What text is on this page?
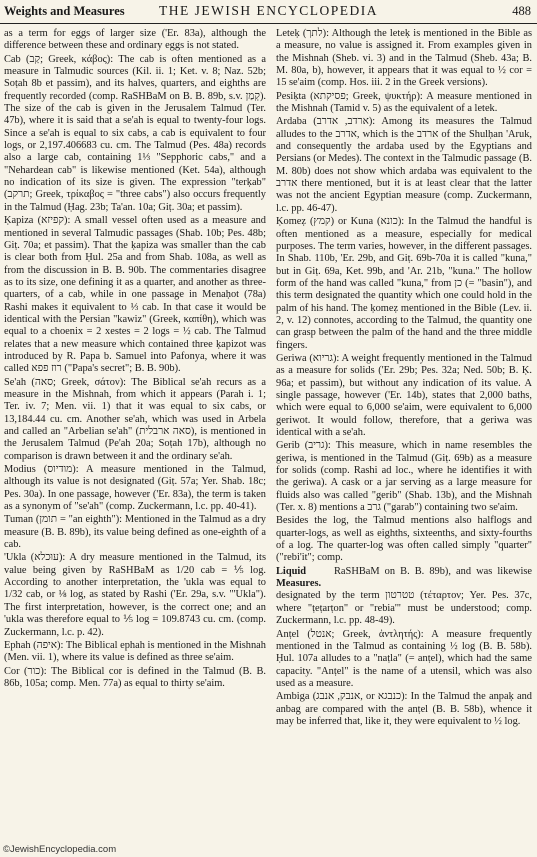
Weights and Measures	THE JEWISH ENCYCLOPEDIA	488

as a term for eggs of larger size ('Er. 83a), although the difference between these and ordinary eggs is not stated.

Cab (קַב; Greek, κάβος): The cab is often mentioned as a measure in Talmudic sources (Kil. ii. 1; Ket. v. 8; Naz. 52b; Soṭah 8b et passim), and its halves, quarters, and eighths are frequently recorded (comp. RaSHBaM on B. B. 89b, s.v. קְמַן). The size of the cab is given in the Jerusalem Talmud (Ter. 47b), where it is said that a se'ah is equal to twenty-four logs. Since a se'ah is equal to six cabs, a cab is equivalent to four logs, or 2,197.406683 cu. cm. The Talmud (Pes. 48a) records also a large cab, containing 1⅓ "Sepphoric cabs," and a "Nehardean cab" is likewise mentioned (Ket. 54a), although no indication of its size is given. The expression "terḳab" (תרקב; Greek, τρίκαβος = "three cabs") also occurs frequently in the Talmud (Ḥag. 23b; Ta'an. 10a; Giṭ. 30a; et passim).

Ḳapiza (קפיזא): A small vessel often used as a measure and mentioned in several Talmudic passages (Shab. 10b; Pes. 48b; Giṭ. 70a; et passim). That the ḳapiza was smaller than the cab is clear both from Ḥul. 25a and from Shab. 108a, as well as from the discussion in B. B. 90b. The commentaries disagree as to its size, one defining it as a quarter, and another as three-quarters, of a cab, while in one passage in Menaḥot (78a) Rashi makes it equivalent to ⅓ cab. In that case it would be identical with the Persian "kawiz" (Greek, καπίθη), which was equal to a choenix = 2 xestes = 2 logs = ½ cab. The Talmud relates that a new measure which contained three ḳapizot was introduced by R. Papa b. Samuel into Pafonya, where it was called רוז פפא ("Papa's secret"; B. B. 90b).

Se'ah (סאה; Greek, σάτον): The Biblical se'ah recurs as a measure in the Mishnah, from which it appears (Parah i. 1; Ter. iv. 7; Men. vii. 1) that it was equal to six cabs, or 13,184.44 cu. cm. Another se'ah, which was used in Arbela and called an "Arbelian se'ah" (סאה ארבלית), is mentioned in the Jerusalem Talmud (Pe'ah 20a; Soṭah 17b), although no comparison is drawn between it and the ordinary se'ah.

Modius (מודיוס): A measure mentioned in the Talmud, although its value is not designated (Giṭ. 57a; Yer. Shab. 18c; Pes. 30a). In one passage, however ('Er. 83a), the term is taken as a synonym of "se'ah" (comp. Zuckermann, l.c. pp. 40-41).

Tuman (תומן = "an eighth"): Mentioned in the Talmud as a dry measure (B. B. 89b), its value being defined as one-eighth of a cab.

'Ukla (עוּכלא): A dry measure mentioned in the Talmud, its value being given by RaSHBaM as 1/20 cab = ⅕ log. According to another interpretation, the 'ukla was equal to 1/32 cab, or ⅛ log, as stated by Rashi ('Er. 29a, s.v. "'Ukla"). The first interpretation, however, is the correct one; and an 'ukla was therefore equal to ⅕ log = 109.8743 cu. cm. (comp. Zuckermann, l.c. p. 42).

Ephah (איפה): The Biblical ephah is mentioned in the Mishnah (Men. vii. 1), where its value is defined as three se'aim.

Cor (כור): The Biblical cor is defined in the Talmud (B. B. 86b, 105a; comp. Men. 77a) as equal to thirty se'aim.

Leteḳ (לתך): Although the leteḳ is mentioned in the Bible as a measure, no value is assigned it. From examples given in the Mishnah (Sheb. vi. 3) and in the Talmud (Sheb. 43a; B. M. 80a, b), however, it appears that it was equal to ½ cor = 15 se'aim (comp. Hos. iii. 2 in the Greek versions).

Pesiḳta (פסיקתא; Greek, ψυκτήρ): A measure mentioned in the Mishnah (Tamid v. 5) as the equivalent of a letek.

Ardaba (ארדב, אדרב): Among its measures the Talmud alludes to the אדרב, which is the ארדב of the Shulḥan 'Aruk, and consequently the ardaba used by the Egyptians and Persians (or Medes). The context in the Talmudic passage (B. M. 80b) does not show which ardaba was equivalent to the אדרב there mentioned, but it is at least clear that the latter was not the ancient Egyptian measure (comp. Zuckermann, l.c. pp. 46-47).

Ḳomeẓ (קמץ) or Kuna (כונא): In the Talmud the handful is often mentioned as a measure, especially for medical purposes. The term varies, however, in the different passages. In Shab. 110b, 'Er. 29b, and Giṭ. 69b-70a it is called "kuna," but in Giṭ. 69a, Ket. 99b, and 'Ar. 21b, "kuna." The hollow form of the hand was called "kuna," from כן (= "basin"), and this term designated the quantity which one could hold in the palm of his hand. The ḳomeẓ mentioned in the Bible (Lev. ii. 2, v. 12) connotes, according to the Talmud, the quantity one can grasp between the palm of the hand and the three middle fingers.

Geriwa (גריוא): A weight frequently mentioned in the Talmud as a measure for solids ('Er. 29b; Pes. 32a; Ned. 50b; B. Ḳ. 96a; et passim), but without any indication of its value. A single passage, however ('Er. 14b), states that 2,000 baths, which were equal to 6,000 se'aim, were equivalent to 6,000 geriwot. It would follow, therefore, that a geriwa was identical with a se'ah.

Gerib (גריב): This measure, which in name resembles the geriwa, is mentioned in the Talmud (Giṭ. 69b) as a measure for solids (comp. Rashi ad loc., where he identifies it with the geriwa). A cask or a jar serving as a large measure for fluids also was called "gerib" (Shab. 13b), and the Mishnah (Ter. x. 8) mentions a גרב ("garab") containing two se'aim.

Besides the log, the Talmud mentions also halflogs and quarter-logs, as well as eighths, sixteenths, and sixty-fourths of a log. The quarter-log was often called simply "quarter" ("rebi'it"; comp.

Liquid Measures.RaSHBaM on B. B. 89b), and was likewise designated by the term טטרטון (τέταρτον; Yer. Pes. 37c, where "ṭeṭarṭon" or "rebia'" must be understood; comp. Zuckermann, l.c. pp. 48-49).

Anṭel (אנטל; Greek, ἀντλητής): A measure frequently mentioned in the Talmud as containing ½ log (B. B. 58b). Ḥul. 107a alludes to a "naṭla" (= anṭel), which had the same capacity. "Anṭel" is the name of a utensil, which was also used as a measure.

Ambiga (אנבק, אנבג, or כנבגא): In the Talmud the anpaḳ and anbag are compared with the anṭel (B. B. 58b), whence it may be inferred that, like it, they were equivalent to ½ log.

©JewishEncyclopedia.com
